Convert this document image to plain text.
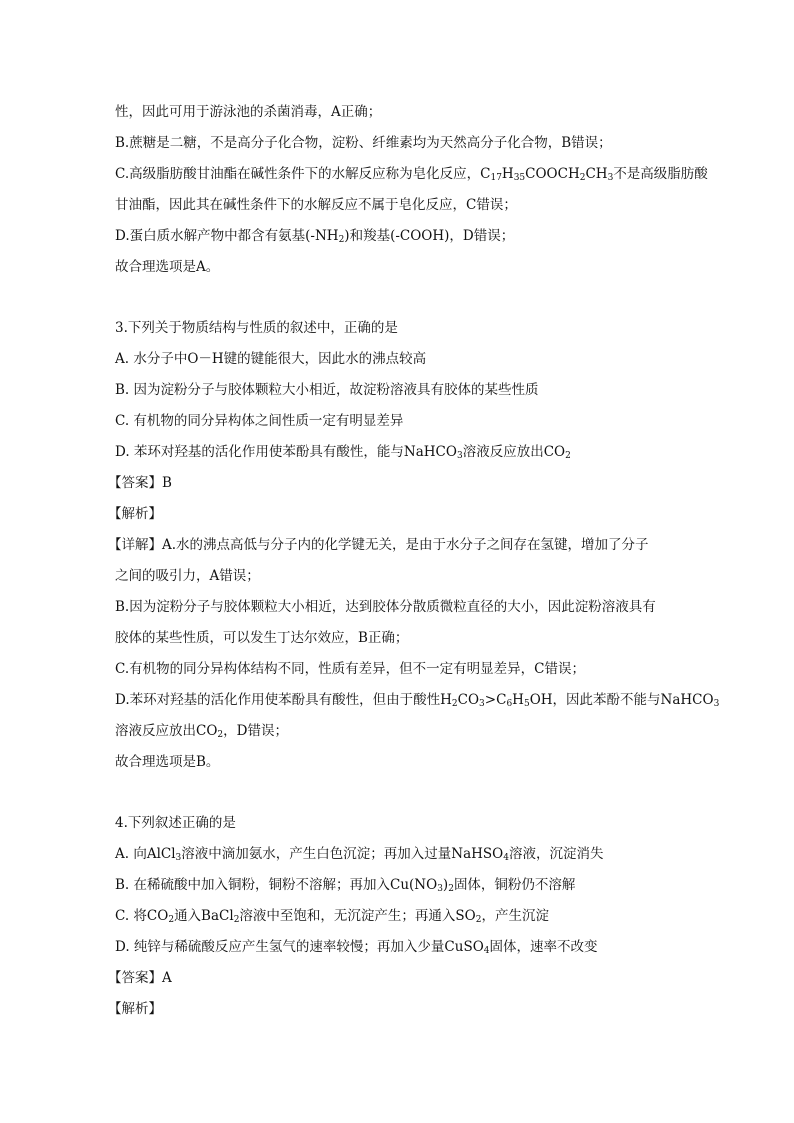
性，因此可用于游泳池的杀菌消毒，A正确；
B.蔗糖是二糖，不是高分子化合物，淀粉、纤维素均为天然高分子化合物，B错误；
C.高级脂肪酸甘油酯在碱性条件下的水解反应称为皂化反应，$C_{17}H_{35}COOCH_2CH_3$不是高级脂肪酸
甘油酯，因此其在碱性条件下的水解反应不属于皂化反应，C错误；
D.蛋白质水解产物中都含有氨基$(-NH_2)$和羧基(-COOH)，D错误；
故合理选项是A。
3.下列关于物质结构与性质的叙述中，正确的是
A. 水分子中O－H键的键能很大，因此水的沸点较高
B. 因为淀粉分子与胶体颗粒大小相近，故淀粉溶液具有胶体的某些性质
C. 有机物的同分异构体之间性质一定有明显差异
D. 苯环对羟基的活化作用使苯酚具有酸性，能与NaHCO$_3$溶液反应放出$CO_2$
【答案】B
【解析】
【详解】A.水的沸点高低与分子内的化学键无关，是由于水分子之间存在氢键，增加了分子
之间的吸引力，A错误；
B.因为淀粉分子与胶体颗粒大小相近，达到胶体分散质微粒直径的大小，因此淀粉溶液具有
胶体的某些性质，可以发生丁达尔效应，B正确；
C.有机物的同分异构体结构不同，性质有差异，但不一定有明显差异，C错误；
D.苯环对羟基的活化作用使苯酚具有酸性，但由于酸性$H_2CO_3>C_6H_5OH$，因此苯酚不能与NaHCO$_3$
溶液反应放出$CO_2$，D错误；
故合理选项是B。
4.下列叙述正确的是
A. 向AlCl$_3$溶液中滴加氨水，产生白色沉淀；再加入过量NaHSO$_4$溶液，沉淀消失
B. 在稀硫酸中加入铜粉，铜粉不溶解；再加入$Cu(NO_3)_2$固体，铜粉仍不溶解
C. 将$CO_2$通入BaCl$_2$溶液中至饱和，无沉淀产生；再通入$SO_2$，产生沉淀
D. 纯锌与稀硫酸反应产生氢气的速率较慢；再加入少量CuSO$_4$固体，速率不改变
【答案】A
【解析】
